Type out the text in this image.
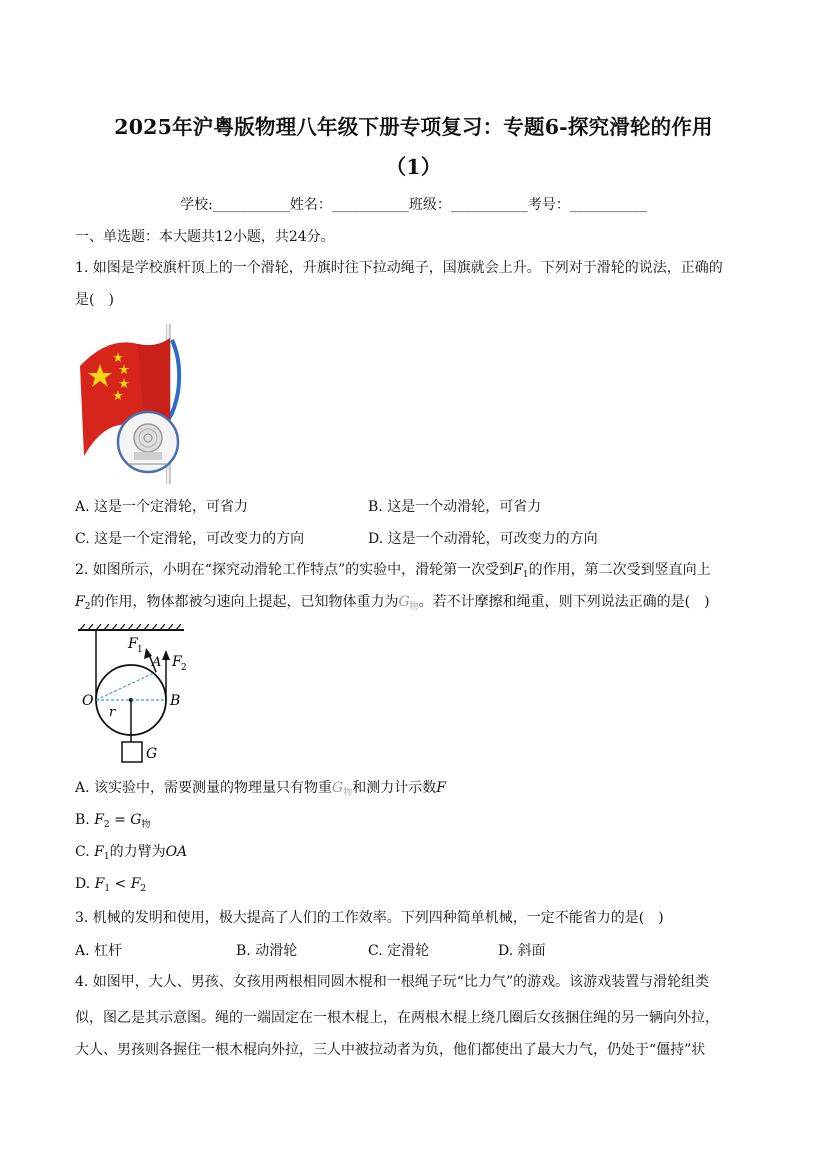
2025年沪粤版物理八年级下册专项复习：专题6-探究滑轮的作用
（1）
学校:___________姓名：___________班级：___________考号：___________
一、单选题：本大题共12小题，共24分。
1. 如图是学校旗杆顶上的一个滑轮，升旗时往下拉动绳子，国旗就会上升。下列对于滑轮的说法，正确的
是(　)
A. 这是一个定滑轮，可省力	B. 这是一个动滑轮，可省力
C. 这是一个定滑轮，可改变力的方向	D. 这是一个动滑轮，可改变力的方向
2. 如图所示，小明在“探究动滑轮工作特点”的实验中，滑轮第一次受到$F_1$的作用，第二次受到竖直向上
$F_2$的作用，物体都被匀速向上提起，已知物体重力为$G_物$。若不计摩擦和绳重，则下列说法正确的是(　)
F 1
F 2
A
O	B
r
G
A. 该实验中，需要测量的物理量只有物重$G_物$和测力计示数F
B. $F_2 = G_物$
C. $F_1$的力臂为OA
D. $F_1 < F_2$
3. 机械的发明和使用，极大提高了人们的工作效率。下列四种简单机械，一定不能省力的是(　)
A. 杠杆	B. 动滑轮	C. 定滑轮	D. 斜面
4. 如图甲，大人、男孩、女孩用两根相同圆木棍和一根绳子玩“比力气”的游戏。该游戏装置与滑轮组类
似，图乙是其示意图。绳的一端固定在一根木棍上，在两根木棍上绕几圈后女孩捆住绳的另一辆向外拉，
大人、男孩则各握住一根木棍向外拉，三人中被拉动者为负，他们都使出了最大力气，仍处于“僵持”状
